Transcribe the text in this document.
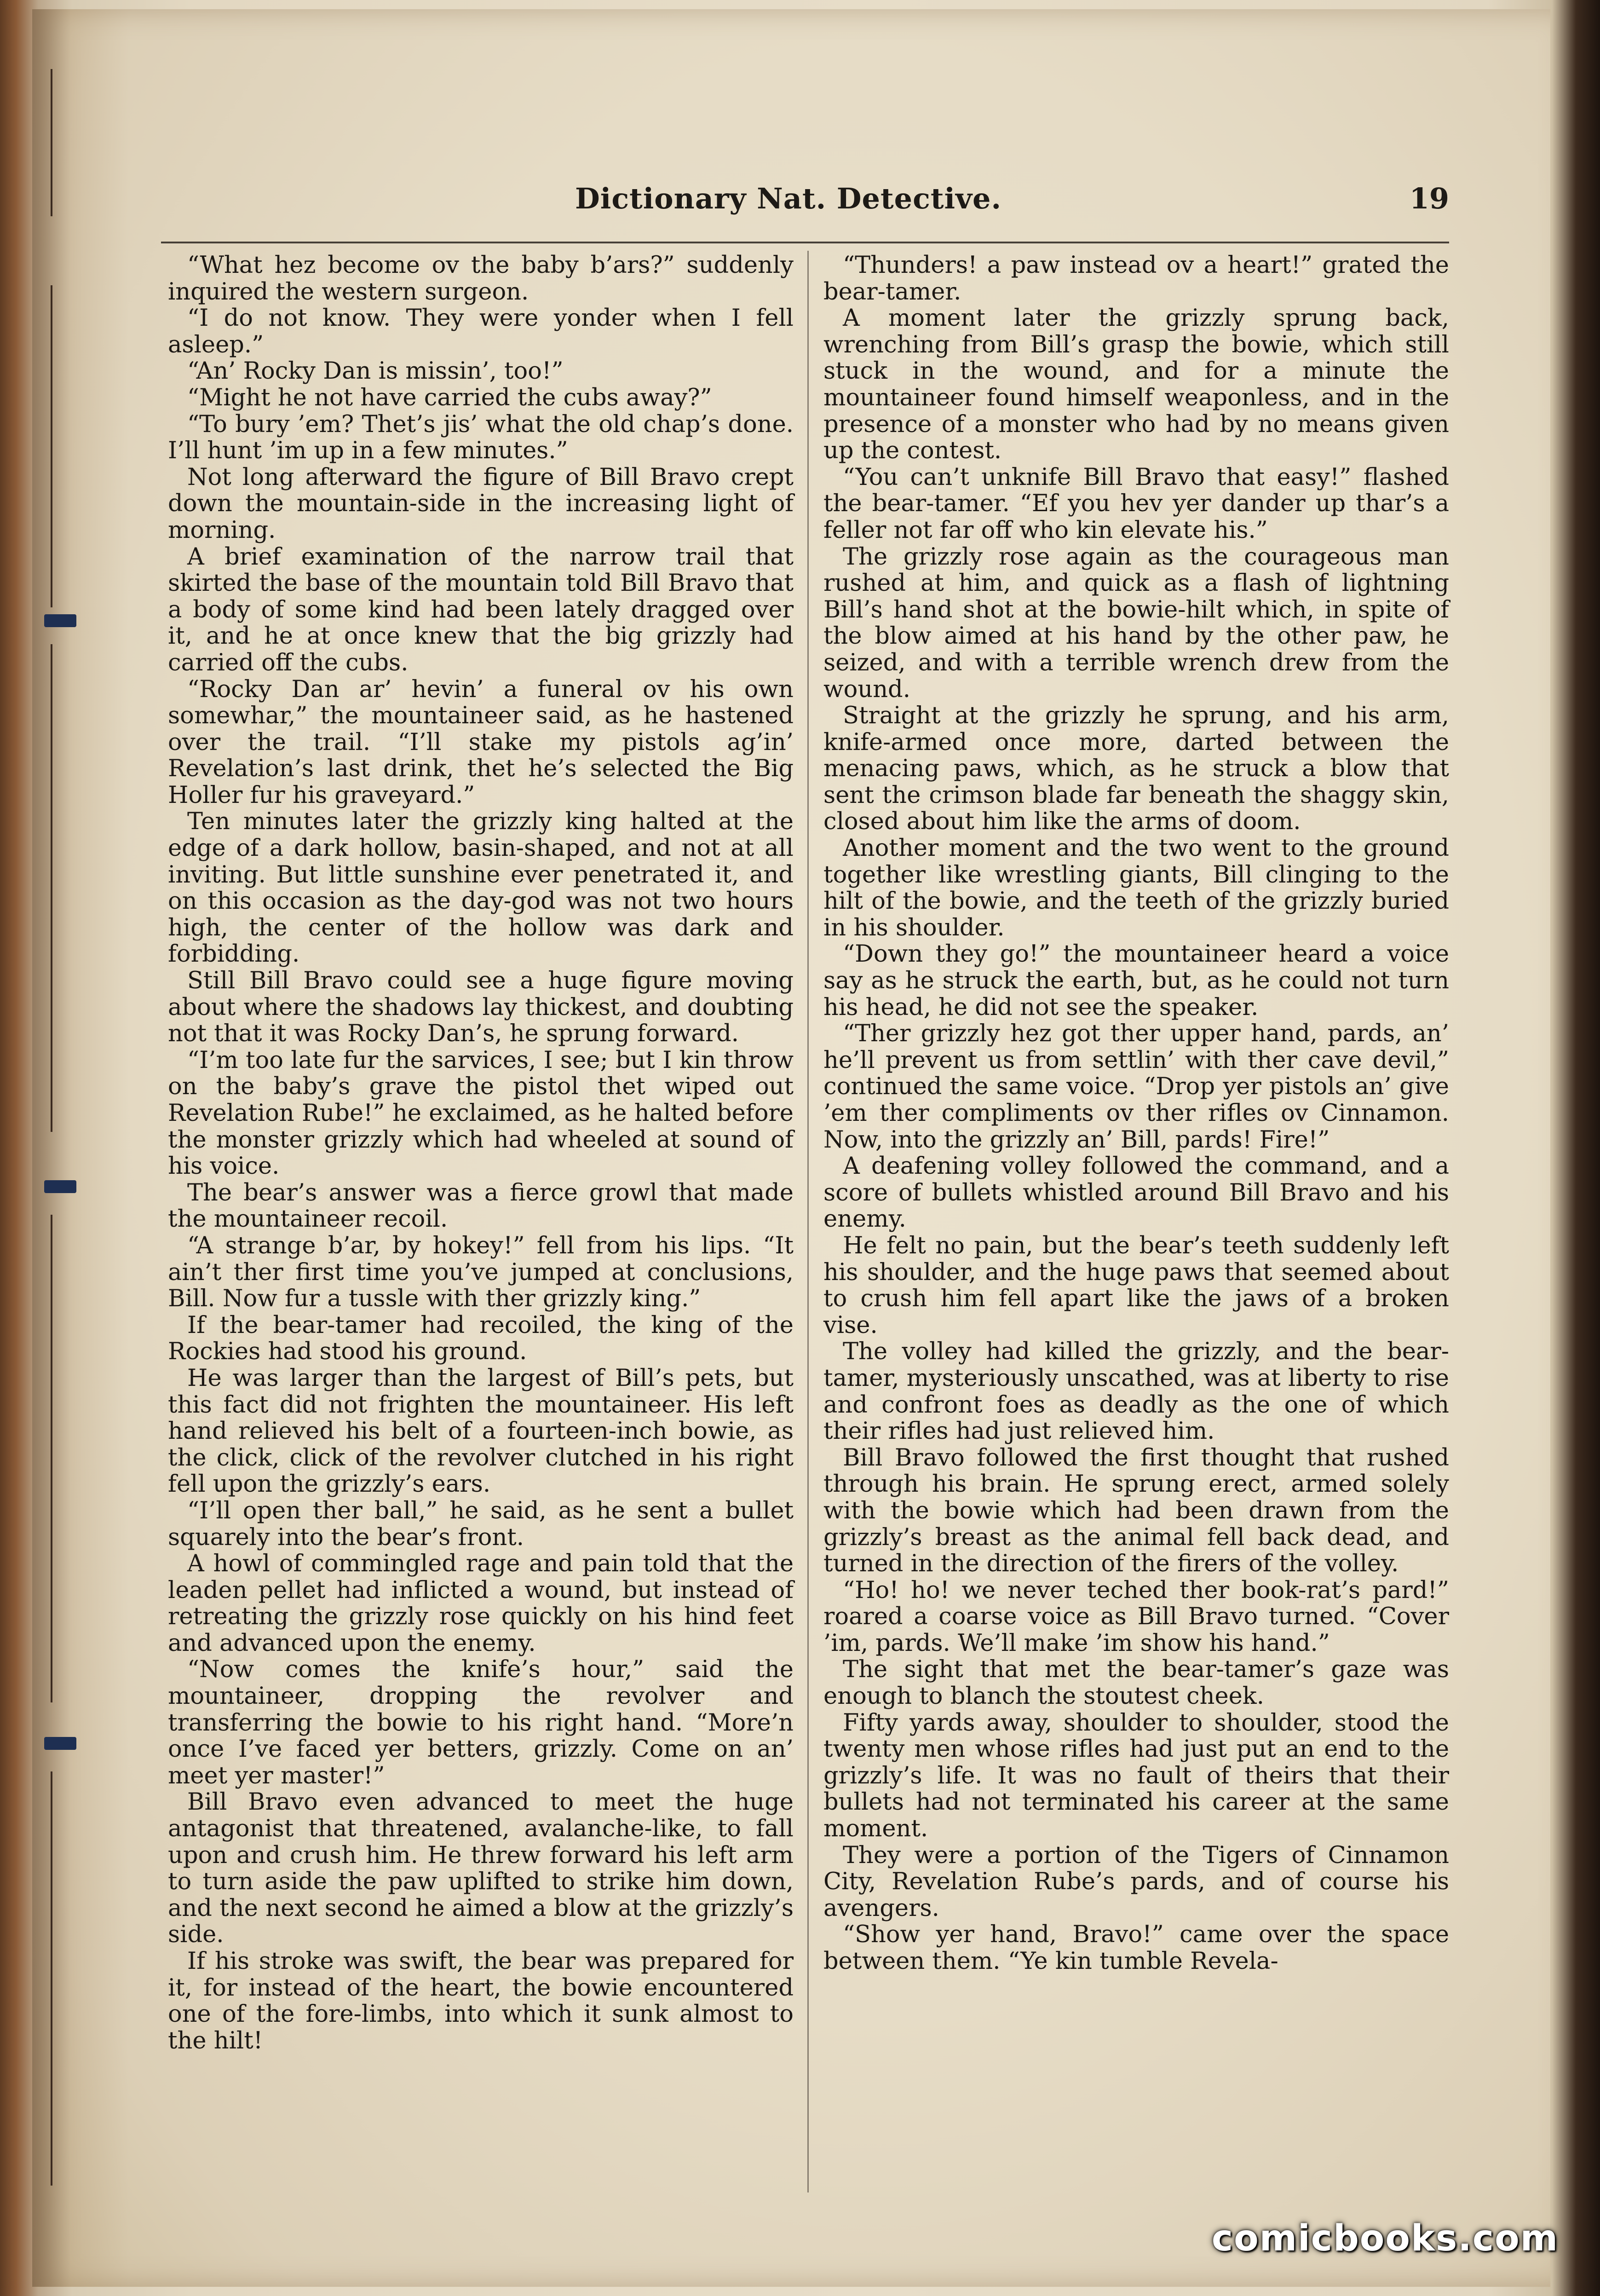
Dictionary Nat. Detective.	19

“What hez become ov the baby b’ars?” suddenly inquired the western surgeon.

“I do not know. They were yonder when I fell asleep.”

“An’ Rocky Dan is missin’, too!”

“Might he not have carried the cubs away?”

“To bury ’em? Thet’s jis’ what the old chap’s done. I’ll hunt ’im up in a few minutes.”

Not long afterward the figure of Bill Bravo crept down the mountain-side in the increasing light of morning.

A brief examination of the narrow trail that skirted the base of the mountain told Bill Bravo that a body of some kind had been lately dragged over it, and he at once knew that the big grizzly had carried off the cubs.

“Rocky Dan ar’ hevin’ a funeral ov his own somewhar,” the mountaineer said, as he hastened over the trail. “I’ll stake my pistols ag’in’ Revelation’s last drink, thet he’s selected the Big Holler fur his graveyard.”

Ten minutes later the grizzly king halted at the edge of a dark hollow, basin-shaped, and not at all inviting. But little sunshine ever penetrated it, and on this occasion as the day-god was not two hours high, the center of the hollow was dark and forbidding.

Still Bill Bravo could see a huge figure moving about where the shadows lay thickest, and doubting not that it was Rocky Dan’s, he sprung forward.

“I’m too late fur the sarvices, I see; but I kin throw on the baby’s grave the pistol thet wiped out Revelation Rube!” he exclaimed, as he halted before the monster grizzly which had wheeled at sound of his voice.

The bear’s answer was a fierce growl that made the mountaineer recoil.

“A strange b’ar, by hokey!” fell from his lips. “It ain’t ther first time you’ve jumped at conclusions, Bill. Now fur a tussle with ther grizzly king.”

If the bear-tamer had recoiled, the king of the Rockies had stood his ground.

He was larger than the largest of Bill’s pets, but this fact did not frighten the mountaineer. His left hand relieved his belt of a fourteen-inch bowie, as the click, click of the revolver clutched in his right fell upon the grizzly’s ears.

“I’ll open ther ball,” he said, as he sent a bullet squarely into the bear’s front.

A howl of commingled rage and pain told that the leaden pellet had inflicted a wound, but instead of retreating the grizzly rose quickly on his hind feet and advanced upon the enemy.

“Now comes the knife’s hour,” said the mountaineer, dropping the revolver and transferring the bowie to his right hand. “More’n once I’ve faced yer betters, grizzly. Come on an’ meet yer master!”

Bill Bravo even advanced to meet the huge antagonist that threatened, avalanche-like, to fall upon and crush him. He threw forward his left arm to turn aside the paw uplifted to strike him down, and the next second he aimed a blow at the grizzly’s side.

If his stroke was swift, the bear was prepared for it, for instead of the heart, the bowie encountered one of the fore-limbs, into which it sunk almost to the hilt!

“Thunders! a paw instead ov a heart!” grated the bear-tamer.

A moment later the grizzly sprung back, wrenching from Bill’s grasp the bowie, which still stuck in the wound, and for a minute the mountaineer found himself weaponless, and in the presence of a monster who had by no means given up the contest.

“You can’t unknife Bill Bravo that easy!” flashed the bear-tamer. “Ef you hev yer dander up thar’s a feller not far off who kin elevate his.”

The grizzly rose again as the courageous man rushed at him, and quick as a flash of lightning Bill’s hand shot at the bowie-hilt which, in spite of the blow aimed at his hand by the other paw, he seized, and with a terrible wrench drew from the wound.

Straight at the grizzly he sprung, and his arm, knife-armed once more, darted between the menacing paws, which, as he struck a blow that sent the crimson blade far beneath the shaggy skin, closed about him like the arms of doom.

Another moment and the two went to the ground together like wrestling giants, Bill clinging to the hilt of the bowie, and the teeth of the grizzly buried in his shoulder.

“Down they go!” the mountaineer heard a voice say as he struck the earth, but, as he could not turn his head, he did not see the speaker.

“Ther grizzly hez got ther upper hand, pards, an’ he’ll prevent us from settlin’ with ther cave devil,” continued the same voice. “Drop yer pistols an’ give ’em ther compliments ov ther rifles ov Cinnamon. Now, into the grizzly an’ Bill, pards! Fire!”

A deafening volley followed the command, and a score of bullets whistled around Bill Bravo and his enemy.

He felt no pain, but the bear’s teeth suddenly left his shoulder, and the huge paws that seemed about to crush him fell apart like the jaws of a broken vise.

The volley had killed the grizzly, and the bear-tamer, mysteriously unscathed, was at liberty to rise and confront foes as deadly as the one of which their rifles had just relieved him.

Bill Bravo followed the first thought that rushed through his brain. He sprung erect, armed solely with the bowie which had been drawn from the grizzly’s breast as the animal fell back dead, and turned in the direction of the firers of the volley.

“Ho! ho! we never teched ther book-rat’s pard!” roared a coarse voice as Bill Bravo turned. “Cover ’im, pards. We’ll make ’im show his hand.”

The sight that met the bear-tamer’s gaze was enough to blanch the stoutest cheek.

Fifty yards away, shoulder to shoulder, stood the twenty men whose rifles had just put an end to the grizzly’s life. It was no fault of theirs that their bullets had not terminated his career at the same moment.

They were a portion of the Tigers of Cinnamon City, Revelation Rube’s pards, and of course his avengers.

“Show yer hand, Bravo!” came over the space between them. “Ye kin tumble Revela-

comicbooks.com
